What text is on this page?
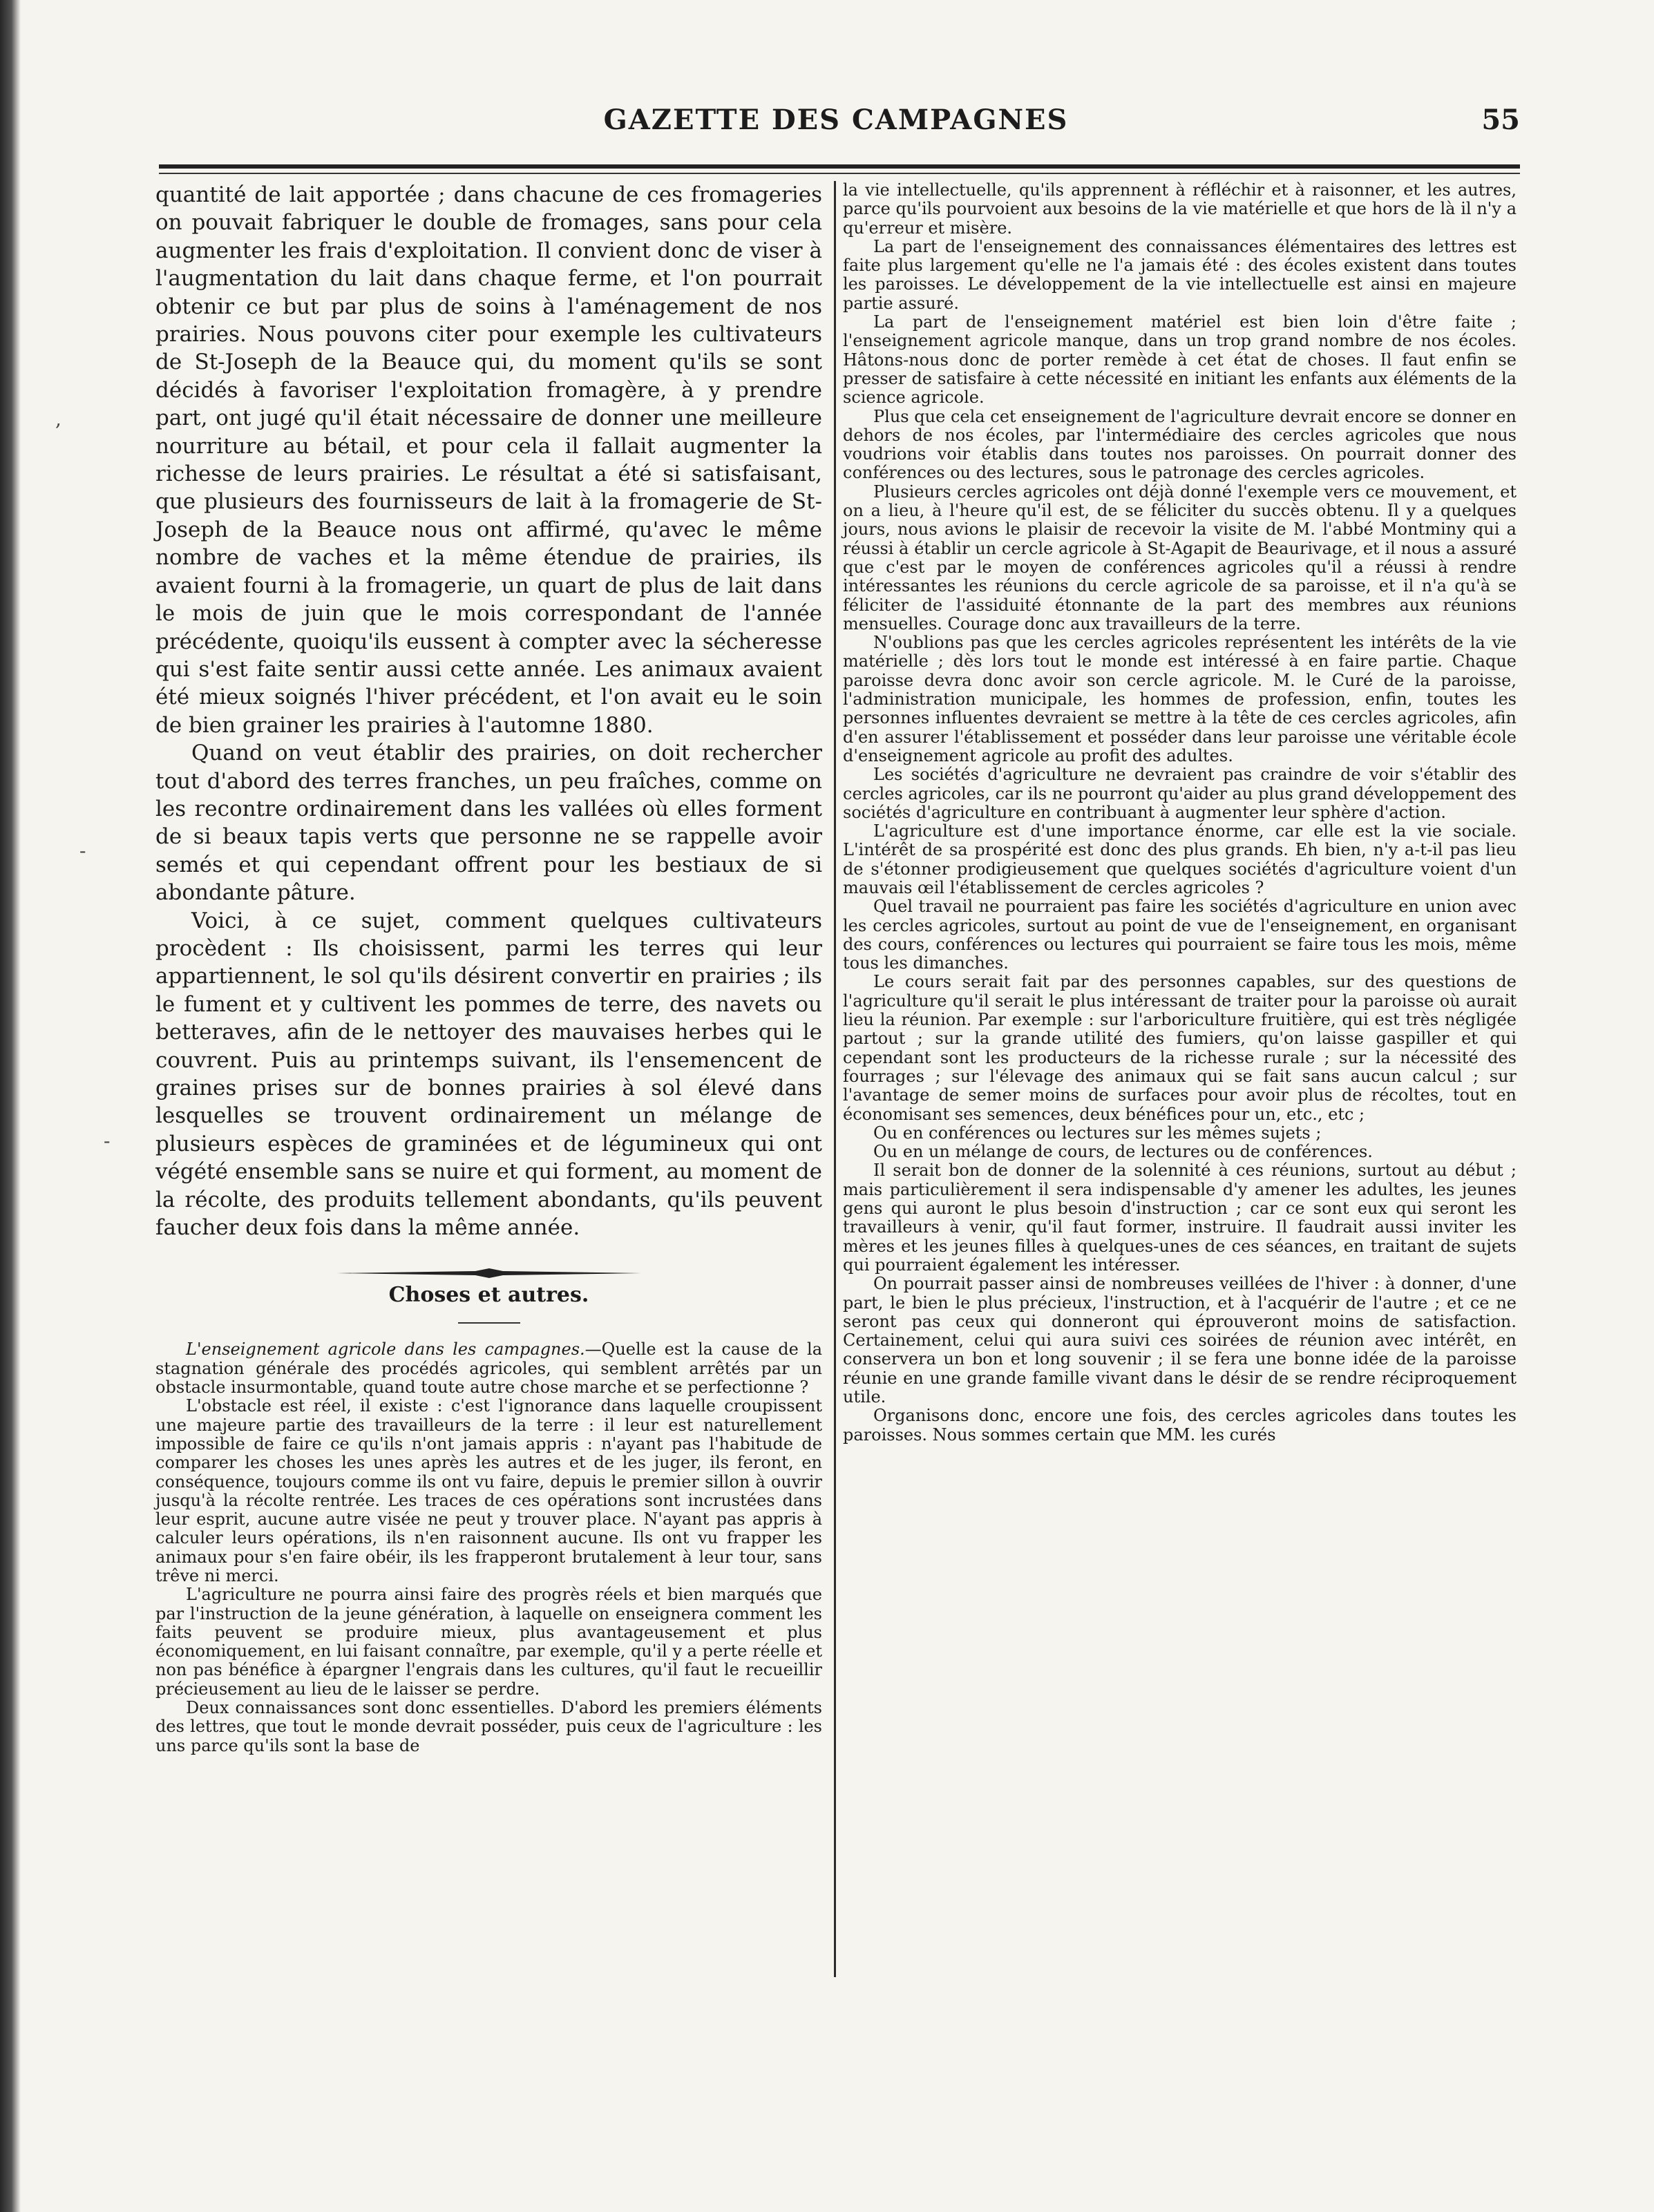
GAZETTE DES CAMPAGNES	55

quantité de lait apportée ; dans chacune de ces fromageries on pouvait fabriquer le double de fromages, sans pour cela augmenter les frais d'exploitation. Il convient donc de viser à l'augmentation du lait dans chaque ferme, et l'on pourrait obtenir ce but par plus de soins à l'aménagement de nos prairies. Nous pouvons citer pour exemple les cultivateurs de St-Joseph de la Beauce qui, du moment qu'ils se sont décidés à favoriser l'exploitation fromagère, à y prendre part, ont jugé qu'il était nécessaire de donner une meilleure nourriture au bétail, et pour cela il fallait augmenter la richesse de leurs prairies. Le résultat a été si satisfaisant, que plusieurs des fournisseurs de lait à la fromagerie de St-Joseph de la Beauce nous ont affirmé, qu'avec le même nombre de vaches et la même étendue de prairies, ils avaient fourni à la fromagerie, un quart de plus de lait dans le mois de juin que le mois correspondant de l'année précédente, quoiqu'ils eussent à compter avec la sécheresse qui s'est faite sentir aussi cette année. Les animaux avaient été mieux soignés l'hiver précédent, et l'on avait eu le soin de bien grainer les prairies à l'automne 1880.

Quand on veut établir des prairies, on doit rechercher tout d'abord des terres franches, un peu fraîches, comme on les recontre ordinairement dans les vallées où elles forment de si beaux tapis verts que personne ne se rappelle avoir semés et qui cependant offrent pour les bestiaux de si abondante pâture.

Voici, à ce sujet, comment quelques cultivateurs procèdent : Ils choisissent, parmi les terres qui leur appartiennent, le sol qu'ils désirent convertir en prairies ; ils le fument et y cultivent les pommes de terre, des navets ou betteraves, afin de le nettoyer des mauvaises herbes qui le couvrent. Puis au printemps suivant, ils l'ensemencent de graines prises sur de bonnes prairies à sol élevé dans lesquelles se trouvent ordinairement un mélange de plusieurs espèces de graminées et de légumineux qui ont végété ensemble sans se nuire et qui forment, au moment de la récolte, des produits tellement abondants, qu'ils peuvent faucher deux fois dans la même année.

Choses et autres.

L'enseignement agricole dans les campagnes.—Quelle est la cause de la stagnation générale des procédés agricoles, qui semblent arrêtés par un obstacle insurmontable, quand toute autre chose marche et se perfectionne ?

L'obstacle est réel, il existe : c'est l'ignorance dans laquelle croupissent une majeure partie des travailleurs de la terre : il leur est naturellement impossible de faire ce qu'ils n'ont jamais appris : n'ayant pas l'habitude de comparer les choses les unes après les autres et de les juger, ils feront, en conséquence, toujours comme ils ont vu faire, depuis le premier sillon à ouvrir jusqu'à la récolte rentrée. Les traces de ces opérations sont incrustées dans leur esprit, aucune autre visée ne peut y trouver place. N'ayant pas appris à calculer leurs opérations, ils n'en raisonnent aucune. Ils ont vu frapper les animaux pour s'en faire obéir, ils les frapperont brutalement à leur tour, sans trêve ni merci.

L'agriculture ne pourra ainsi faire des progrès réels et bien marqués que par l'instruction de la jeune génération, à laquelle on enseignera comment les faits peuvent se produire mieux, plus avantageusement et plus économiquement, en lui faisant connaître, par exemple, qu'il y a perte réelle et non pas bénéfice à épargner l'engrais dans les cultures, qu'il faut le recueillir précieusement au lieu de le laisser se perdre.

Deux connaissances sont donc essentielles. D'abord les premiers éléments des lettres, que tout le monde devrait posséder, puis ceux de l'agriculture : les uns parce qu'ils sont la base de

la vie intellectuelle, qu'ils apprennent à réfléchir et à raisonner, et les autres, parce qu'ils pourvoient aux besoins de la vie matérielle et que hors de là il n'y a qu'erreur et misère.

La part de l'enseignement des connaissances élémentaires des lettres est faite plus largement qu'elle ne l'a jamais été : des écoles existent dans toutes les paroisses. Le développement de la vie intellectuelle est ainsi en majeure partie assuré.

La part de l'enseignement matériel est bien loin d'être faite ; l'enseignement agricole manque, dans un trop grand nombre de nos écoles. Hâtons-nous donc de porter remède à cet état de choses. Il faut enfin se presser de satisfaire à cette nécessité en initiant les enfants aux éléments de la science agricole.

Plus que cela cet enseignement de l'agriculture devrait encore se donner en dehors de nos écoles, par l'intermédiaire des cercles agricoles que nous voudrions voir établis dans toutes nos paroisses. On pourrait donner des conférences ou des lectures, sous le patronage des cercles agricoles.

Plusieurs cercles agricoles ont déjà donné l'exemple vers ce mouvement, et on a lieu, à l'heure qu'il est, de se féliciter du succès obtenu. Il y a quelques jours, nous avions le plaisir de recevoir la visite de M. l'abbé Montminy qui a réussi à établir un cercle agricole à St-Agapit de Beaurivage, et il nous a assuré que c'est par le moyen de conférences agricoles qu'il a réussi à rendre intéressantes les réunions du cercle agricole de sa paroisse, et il n'a qu'à se féliciter de l'assiduité étonnante de la part des membres aux réunions mensuelles. Courage donc aux travailleurs de la terre.

N'oublions pas que les cercles agricoles représentent les intérêts de la vie matérielle ; dès lors tout le monde est intéressé à en faire partie. Chaque paroisse devra donc avoir son cercle agricole. M. le Curé de la paroisse, l'administration municipale, les hommes de profession, enfin, toutes les personnes influentes devraient se mettre à la tête de ces cercles agricoles, afin d'en assurer l'établissement et posséder dans leur paroisse une véritable école d'enseignement agricole au profit des adultes.

Les sociétés d'agriculture ne devraient pas craindre de voir s'établir des cercles agricoles, car ils ne pourront qu'aider au plus grand développement des sociétés d'agriculture en contribuant à augmenter leur sphère d'action.

L'agriculture est d'une importance énorme, car elle est la vie sociale. L'intérêt de sa prospérité est donc des plus grands. Eh bien, n'y a-t-il pas lieu de s'étonner prodigieusement que quelques sociétés d'agriculture voient d'un mauvais œil l'établissement de cercles agricoles ?

Quel travail ne pourraient pas faire les sociétés d'agriculture en union avec les cercles agricoles, surtout au point de vue de l'enseignement, en organisant des cours, conférences ou lectures qui pourraient se faire tous les mois, même tous les dimanches.

Le cours serait fait par des personnes capables, sur des questions de l'agriculture qu'il serait le plus intéressant de traiter pour la paroisse où aurait lieu la réunion. Par exemple : sur l'arboriculture fruitière, qui est très négligée partout ; sur la grande utilité des fumiers, qu'on laisse gaspiller et qui cependant sont les producteurs de la richesse rurale ; sur la nécessité des fourrages ; sur l'élevage des animaux qui se fait sans aucun calcul ; sur l'avantage de semer moins de surfaces pour avoir plus de récoltes, tout en économisant ses semences, deux bénéfices pour un, etc., etc ;

Ou en conférences ou lectures sur les mêmes sujets ;

Ou en un mélange de cours, de lectures ou de conférences.

Il serait bon de donner de la solennité à ces réunions, surtout au début ; mais particulièrement il sera indispensable d'y amener les adultes, les jeunes gens qui auront le plus besoin d'instruction ; car ce sont eux qui seront les travailleurs à venir, qu'il faut former, instruire. Il faudrait aussi inviter les mères et les jeunes filles à quelques-unes de ces séances, en traitant de sujets qui pourraient également les intéresser.

On pourrait passer ainsi de nombreuses veillées de l'hiver : à donner, d'une part, le bien le plus précieux, l'instruction, et à l'acquérir de l'autre ; et ce ne seront pas ceux qui donneront qui éprouveront moins de satisfaction. Certainement, celui qui aura suivi ces soirées de réunion avec intérêt, en conservera un bon et long souvenir ; il se fera une bonne idée de la paroisse réunie en une grande famille vivant dans le désir de se rendre réciproquement utile.

Organisons donc, encore une fois, des cercles agricoles dans toutes les paroisses. Nous sommes certain que MM. les curés

,
-
-
